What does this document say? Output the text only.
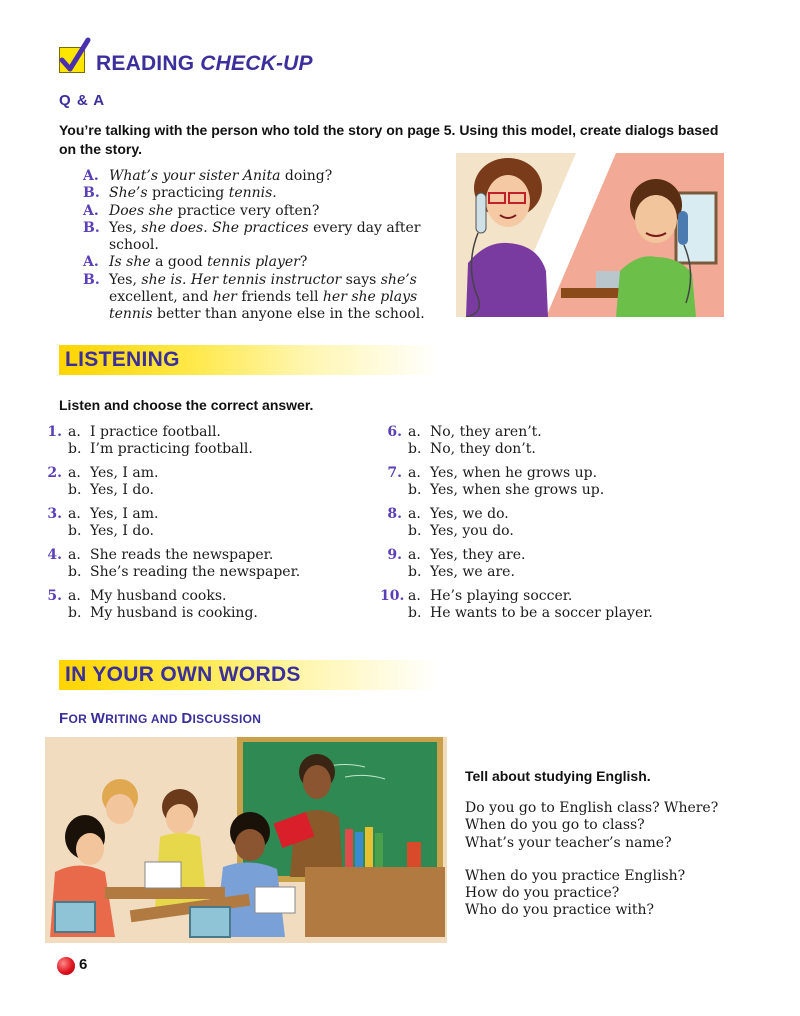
READING CHECK-UP
Q & A
You’re talking with the person who told the story on page 5. Using this model, create dialogs based on the story.
A. What’s your sister Anita doing?
B. She’s practicing tennis.
A. Does she practice very often?
B. Yes, she does. She practices every day after school.
A. Is she a good tennis player?
B. Yes, she is. Her tennis instructor says she’s excellent, and her friends tell her she plays tennis better than anyone else in the school.
LISTENING
Listen and choose the correct answer.
1. a. I practice football.
b. I’m practicing football.
2. a. Yes, I am.
b. Yes, I do.
3. a. Yes, I am.
b. Yes, I do.
4. a. She reads the newspaper.
b. She’s reading the newspaper.
5. a. My husband cooks.
b. My husband is cooking.
6. a. No, they aren’t.
b. No, they don’t.
7. a. Yes, when he grows up.
b. Yes, when she grows up.
8. a. Yes, we do.
b. Yes, you do.
9. a. Yes, they are.
b. Yes, we are.
10. a. He’s playing soccer.
b. He wants to be a soccer player.
IN YOUR OWN WORDS
FOR WRITING AND DISCUSSION
Tell about studying English.
Do you go to English class? Where?
When do you go to class?
What’s your teacher’s name?
When do you practice English?
How do you practice?
Who do you practice with?
6
